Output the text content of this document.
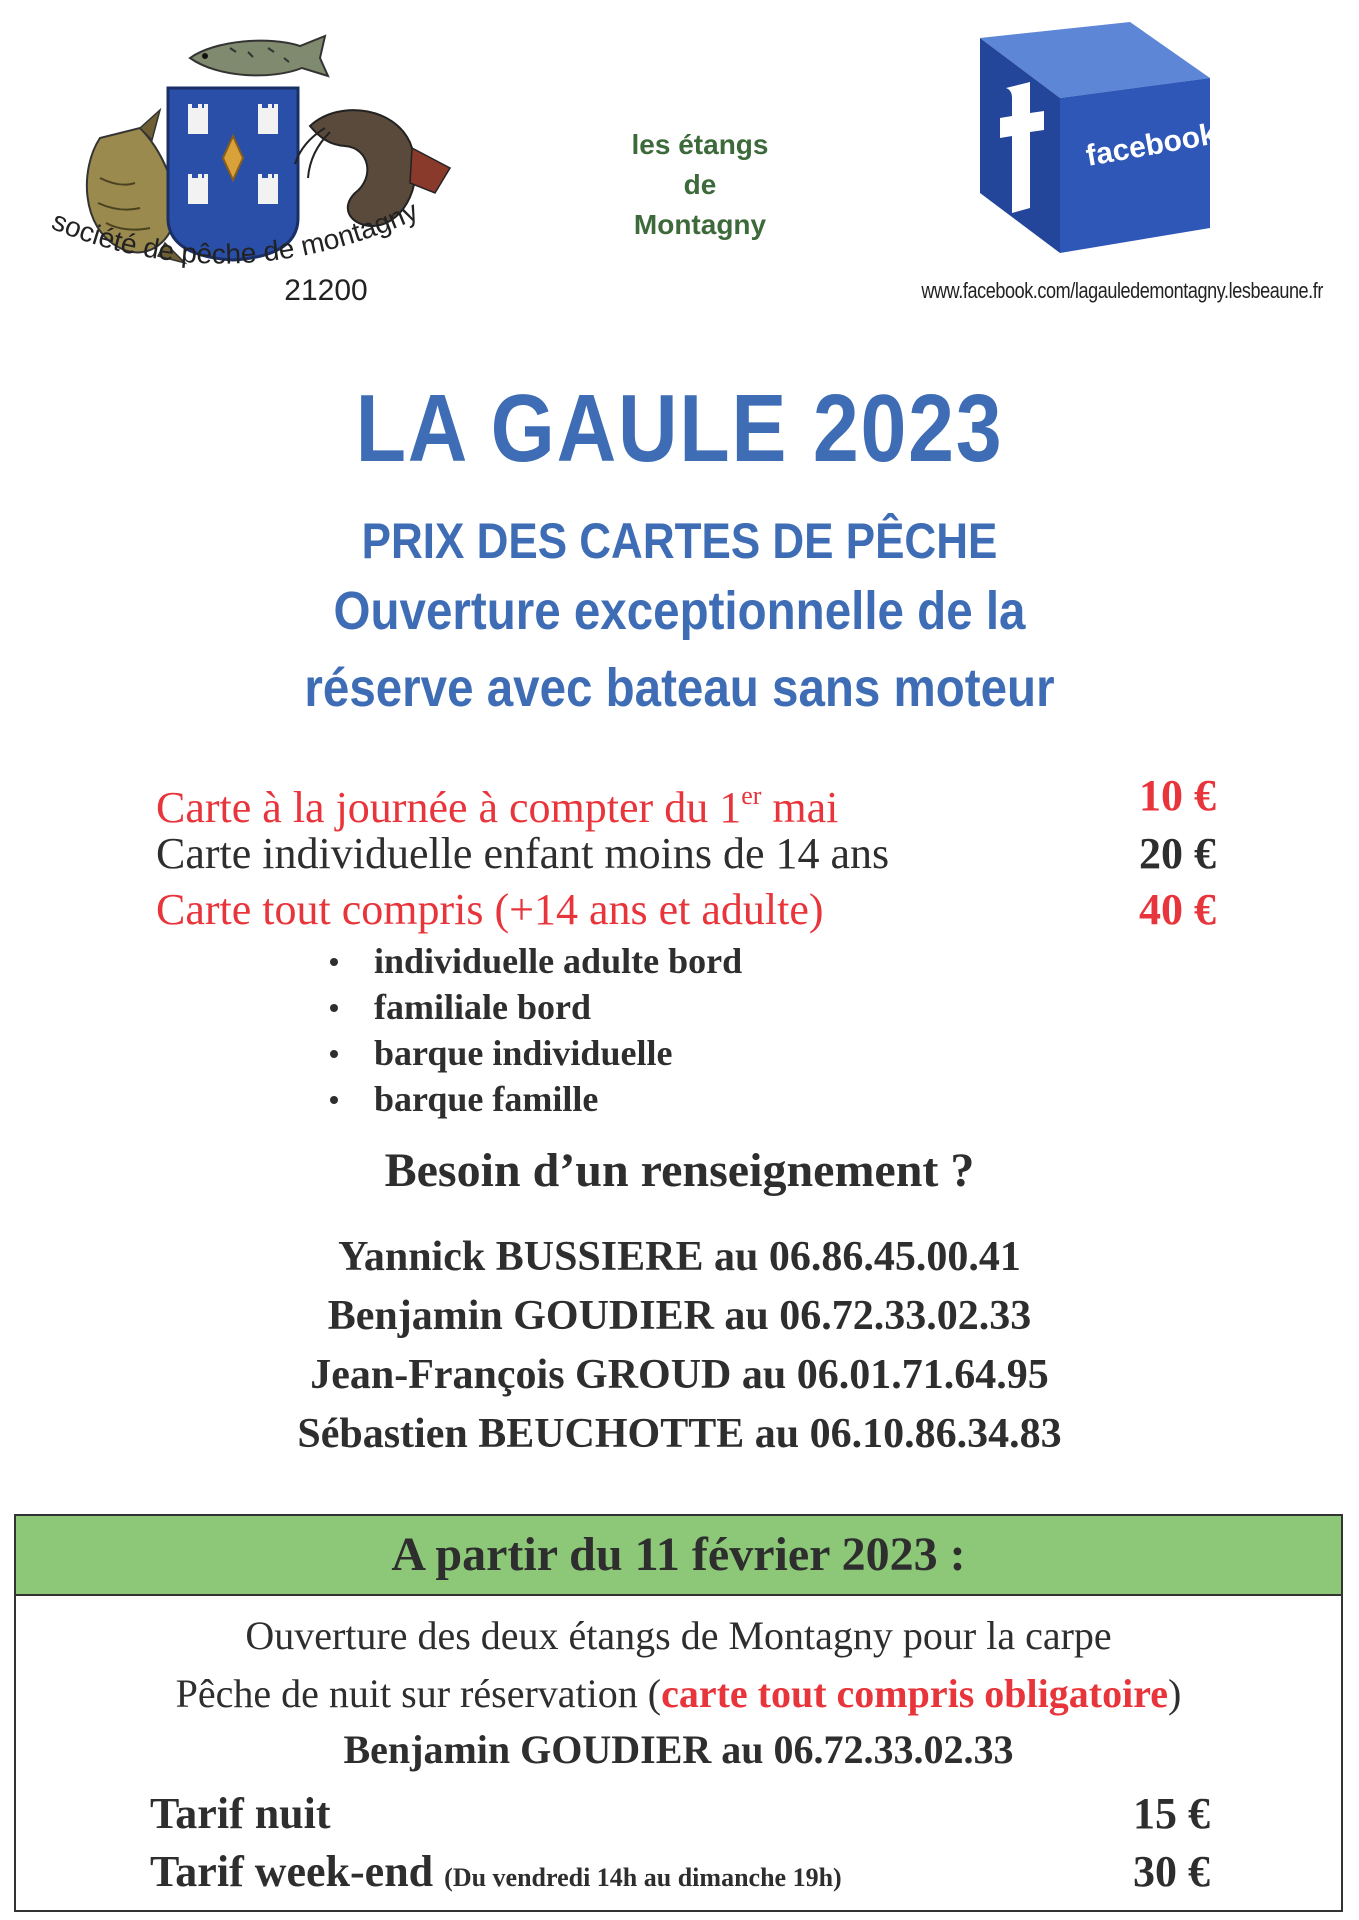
société de pêche de montagny
21200
les étangs
de
Montagny
facebook
www.facebook.com/lagauledemontagny.lesbeaune.fr
LA GAULE 2023
PRIX DES CARTES DE PÊCHE
Ouverture exceptionnelle de la
réserve avec bateau sans moteur
Carte à la journée à compter du 1er mai	10 €
Carte individuelle enfant moins de 14 ans	20 €
Carte tout compris (+14 ans et adulte)	40 €
individuelle adulte bord
familiale bord
barque individuelle
barque famille
Besoin d’un renseignement ?
Yannick BUSSIERE au 06.86.45.00.41
Benjamin GOUDIER au 06.72.33.02.33
Jean-François GROUD au 06.01.71.64.95
Sébastien BEUCHOTTE au 06.10.86.34.83
A partir du 11 février 2023 :
Ouverture des deux étangs de Montagny pour la carpe
Pêche de nuit sur réservation (carte tout compris obligatoire)
Benjamin GOUDIER au 06.72.33.02.33
Tarif nuit	15 €
Tarif week-end (Du vendredi 14h au dimanche 19h)	30 €
